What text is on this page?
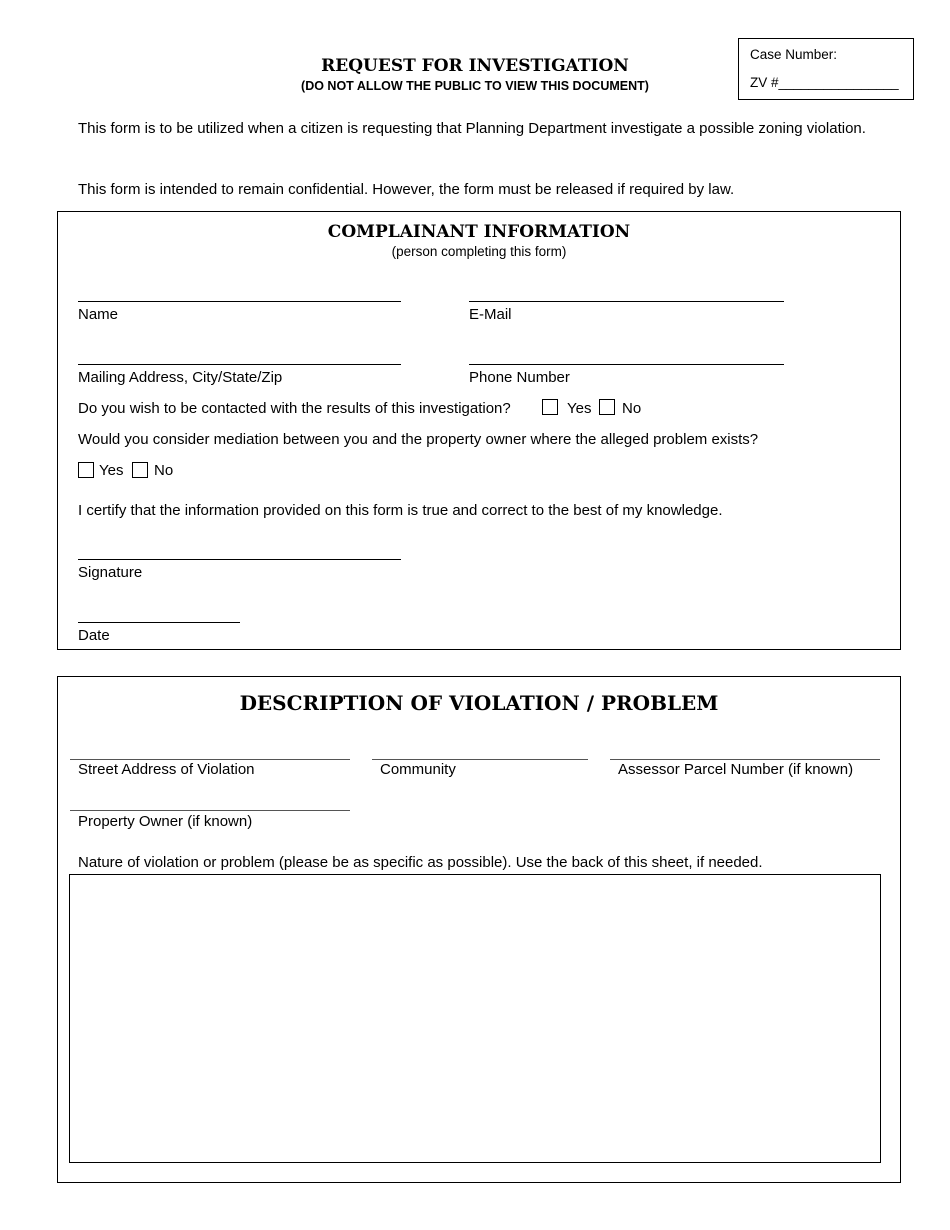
REQUEST FOR INVESTIGATION
(DO NOT ALLOW THE PUBLIC TO VIEW THIS DOCUMENT)
Case Number:
ZV #________________
This form is to be utilized when a citizen is requesting that Planning Department investigate a possible zoning violation.
This form is intended to remain confidential. However, the form must be released if required by law.
COMPLAINANT INFORMATION
(person completing this form)
Name	E-Mail
Mailing Address, City/State/Zip	Phone Number
Do you wish to be contacted with the results of this investigation?	Yes No
Would you consider mediation between you and the property owner where the alleged problem exists?
Yes No
I certify that the information provided on this form is true and correct to the best of my knowledge.
Signature
Date
DESCRIPTION OF VIOLATION / PROBLEM
Street Address of Violation	Community	Assessor Parcel Number (if known)
Property Owner (if known)
Nature of violation or problem (please be as specific as possible). Use the back of this sheet, if needed.
